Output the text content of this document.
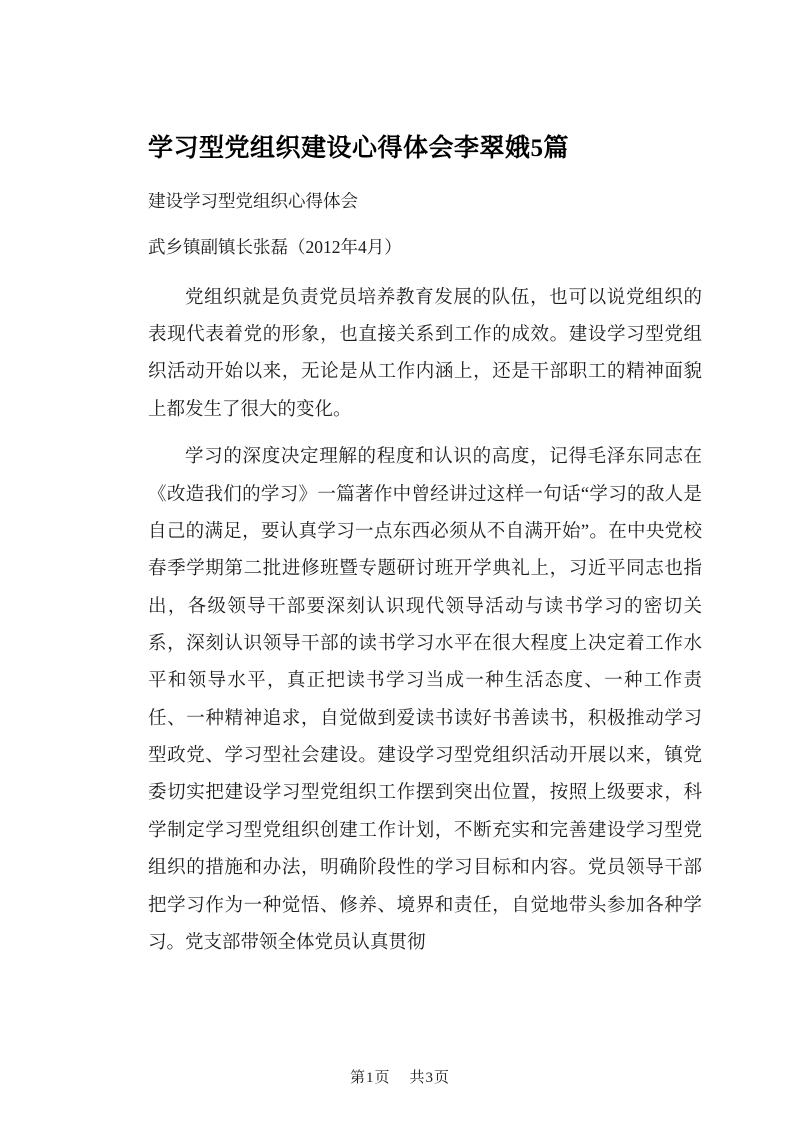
学习型党组织建设心得体会李翠娥5篇

建设学习型党组织心得体会

武乡镇副镇长张磊（2012年4月）

党组织就是负责党员培养教育发展的队伍，也可以说党组织的表现代表着党的形象，也直接关系到工作的成效。建设学习型党组织活动开始以来，无论是从工作内涵上，还是干部职工的精神面貌上都发生了很大的变化。

学习的深度决定理解的程度和认识的高度，记得毛泽东同志在《改造我们的学习》一篇著作中曾经讲过这样一句话“学习的敌人是自己的满足，要认真学习一点东西必须从不自满开始”。在中央党校春季学期第二批进修班暨专题研讨班开学典礼上，习近平同志也指出，各级领导干部要深刻认识现代领导活动与读书学习的密切关系，深刻认识领导干部的读书学习水平在很大程度上决定着工作水平和领导水平，真正把读书学习当成一种生活态度、一种工作责任、一种精神追求，自觉做到爱读书读好书善读书，积极推动学习型政党、学习型社会建设。建设学习型党组织活动开展以来，镇党委切实把建设学习型党组织工作摆到突出位置，按照上级要求，科学制定学习型党组织创建工作计划，不断充实和完善建设学习型党组织的措施和办法，明确阶段性的学习目标和内容。党员领导干部把学习作为一种觉悟、修养、境界和责任，自觉地带头参加各种学习。党支部带领全体党员认真贯彻

第1页 共3页
